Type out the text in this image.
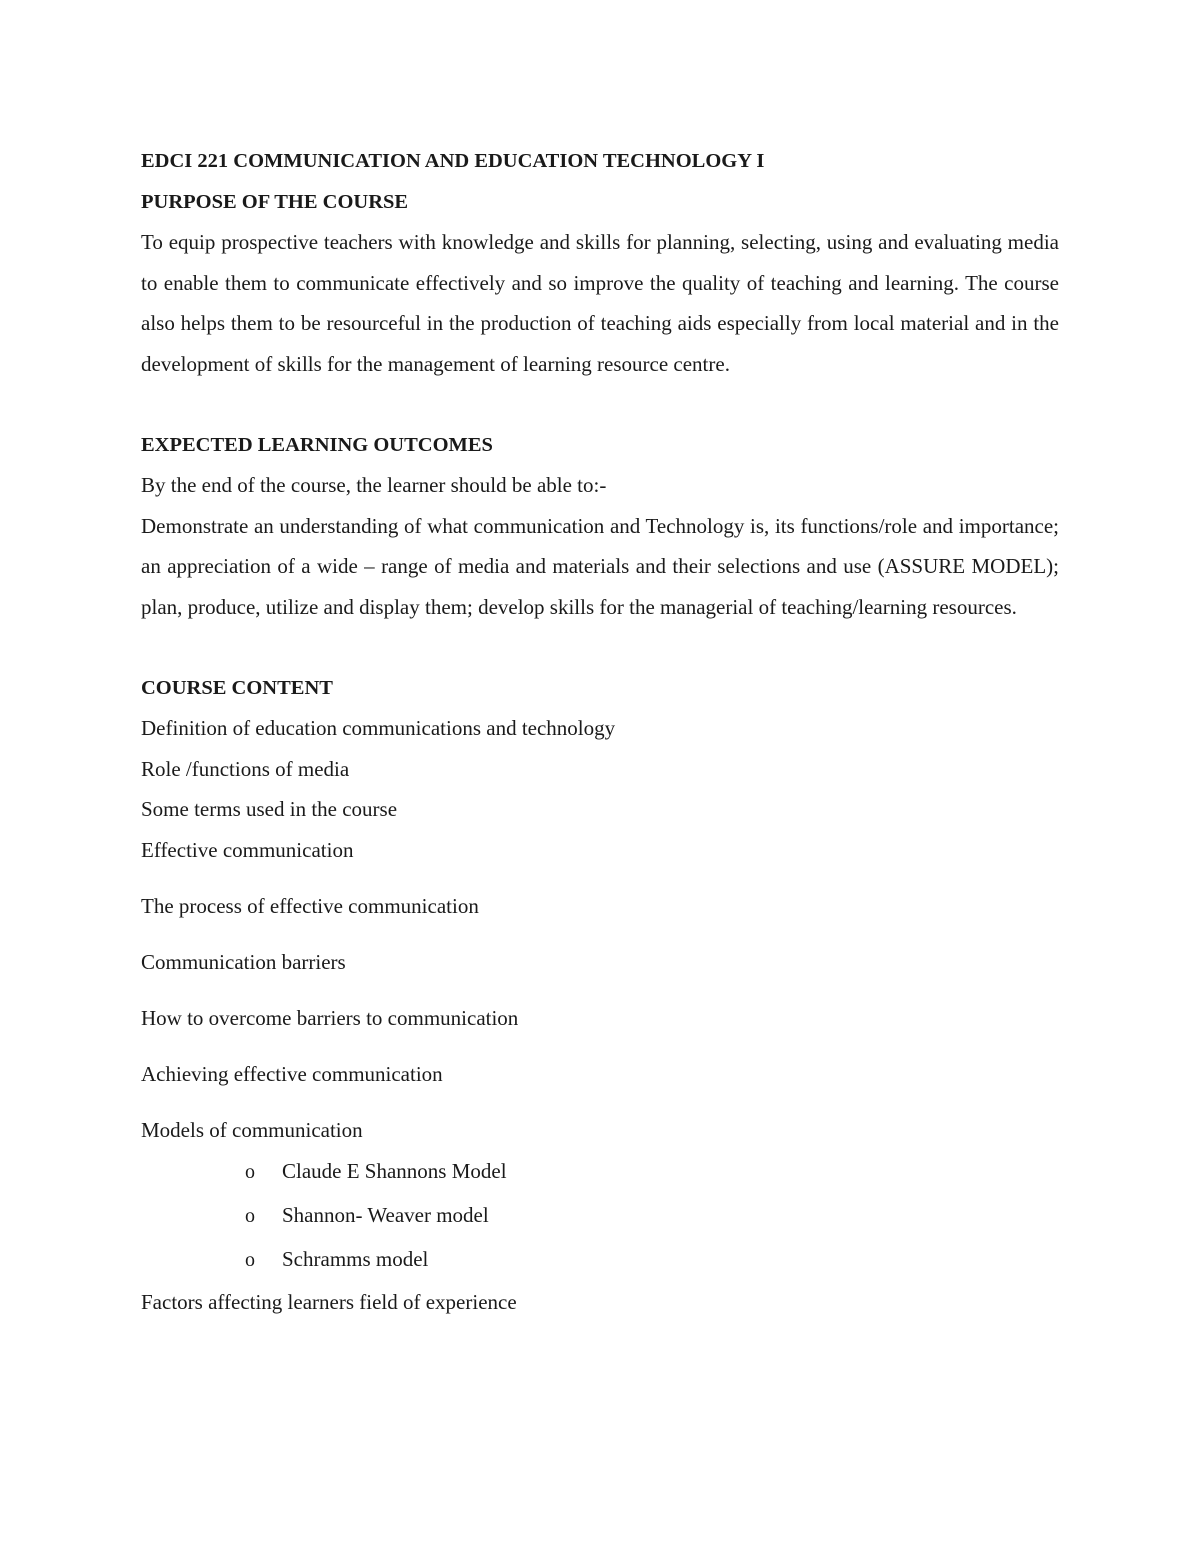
EDCI 221 COMMUNICATION AND EDUCATION TECHNOLOGY I

PURPOSE OF THE COURSE

To equip prospective teachers with knowledge and skills for planning, selecting, using and evaluating media to enable them to communicate effectively and so improve the quality of teaching and learning. The course also helps them to be resourceful in the production of teaching aids especially from local material and in the development of skills for the management of learning resource centre.

EXPECTED LEARNING OUTCOMES

By the end of the course, the learner should be able to:-

Demonstrate an understanding of what communication and Technology is, its functions/role and importance; an appreciation of a wide – range of media and materials and their selections and use (ASSURE MODEL); plan, produce, utilize and display them; develop skills for the managerial of teaching/learning resources.

COURSE CONTENT

Definition of education communications and technology

Role /functions of media

Some terms used in the course

Effective communication

The process of effective communication

Communication barriers

How to overcome barriers to communication

Achieving effective communication

Models of communication

o Claude E Shannons Model
o Shannon- Weaver model
o Schramms model

Factors affecting learners field of experience
